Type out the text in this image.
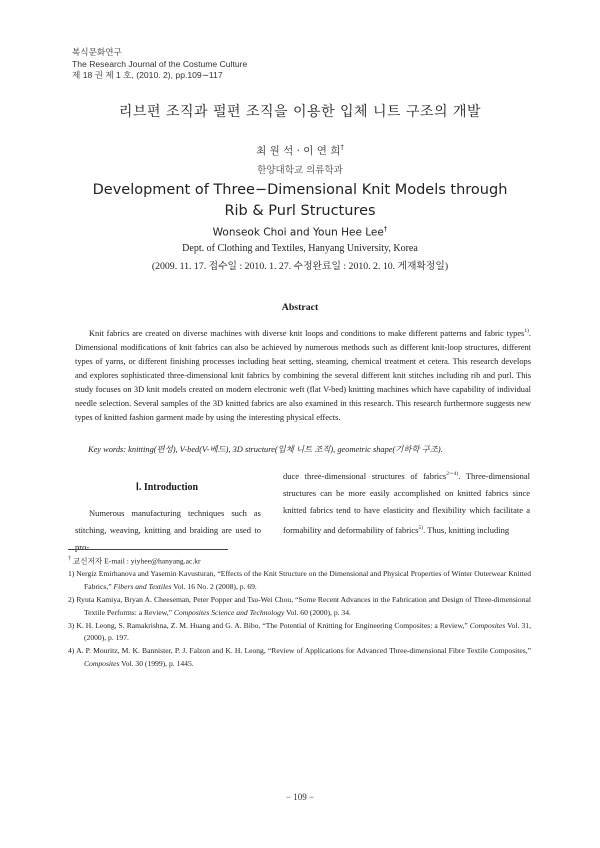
복식문화연구
The Research Journal of the Costume Culture
제 18 권 제 1 호, (2010. 2), pp.109∼117
리브편 조직과 펄편 조직을 이용한 입체 니트 구조의 개발
최 원 석 · 이 연 희†
한양대학교 의류학과
Development of Three−Dimensional Knit Models through
Rib & Purl Structures
Wonseok Choi and Youn Hee Lee†
Dept. of Clothing and Textiles, Hanyang University, Korea
(2009. 11. 17. 접수일 : 2010. 1. 27. 수정완료일 : 2010. 2. 10. 게재확정일)
Abstract
Knit fabrics are created on diverse machines with diverse knit loops and conditions to make different patterns and fabric types$^{1)}$. Dimensional modifications of knit fabrics can also be achieved by numerous methods such as different knit-loop structures, different types of yarns, or different finishing processes including heat setting, steaming, chemical treatment et cetera. This research develops and explores sophisticated three-dimensional knit fabrics by combining the several different knit stitches including rib and purl. This study focuses on 3D knit models created on modern electronic weft (flat V-bed) knitting machines which have capability of individual needle selection. Several samples of the 3D knitted fabrics are also examined in this research. This research furthermore suggests new types of knitted fashion garment made by using the interesting physical effects.
Key words: knitting(편성), V-bed(V-베드), 3D structure(입체 니트 조직), geometric shape(기하학 구조).
Ⅰ. Introduction
Numerous manufacturing techniques such as stitching, weaving, knitting and braiding are used to pro-
duce three-dimensional structures of fabrics$^{2\sim 4)}$. Three-dimensional structures can be more easily accomplished on knitted fabrics since knitted fabrics tend to have elasticity and flexibility which facilitate a formability and deformability of fabrics$^{5)}$. Thus, knitting including
† 교신저자 E-mail : yiyhee@hanyang.ac.kr
1) Nergiz Emirhanova and Yasemin Kavusturan, “Effects of the Knit Structure on the Dimensional and Physical Properties of Winter Outerwear Knitted Fabrics,” Fibers and Textiles Vol. 16 No. 2 (2008), p. 69.
2) Ryuta Kamiya, Bryan A. Cheeseman, Peter Popper and Tsu-Wei Chou, “Some Recent Advances in the Fabrication and Design of Three-dimensional Textile Performs: a Review,” Composites Science and Technology Vol. 60 (2000), p. 34.
3) K. H. Leong, S. Ramakrishna, Z. M. Huang and G. A. Bibo, “The Potential of Knitting for Engineering Composites: a Review,” Composites Vol. 31, (2000), p. 197.
4) A. P. Mouritz, M. K. Bannister, P. J. Falzon and K. H. Leong, “Review of Applications for Advanced Three-dimensional Fibre Textile Composites,” Composites Vol. 30 (1999), p. 1445.
− 109 −
